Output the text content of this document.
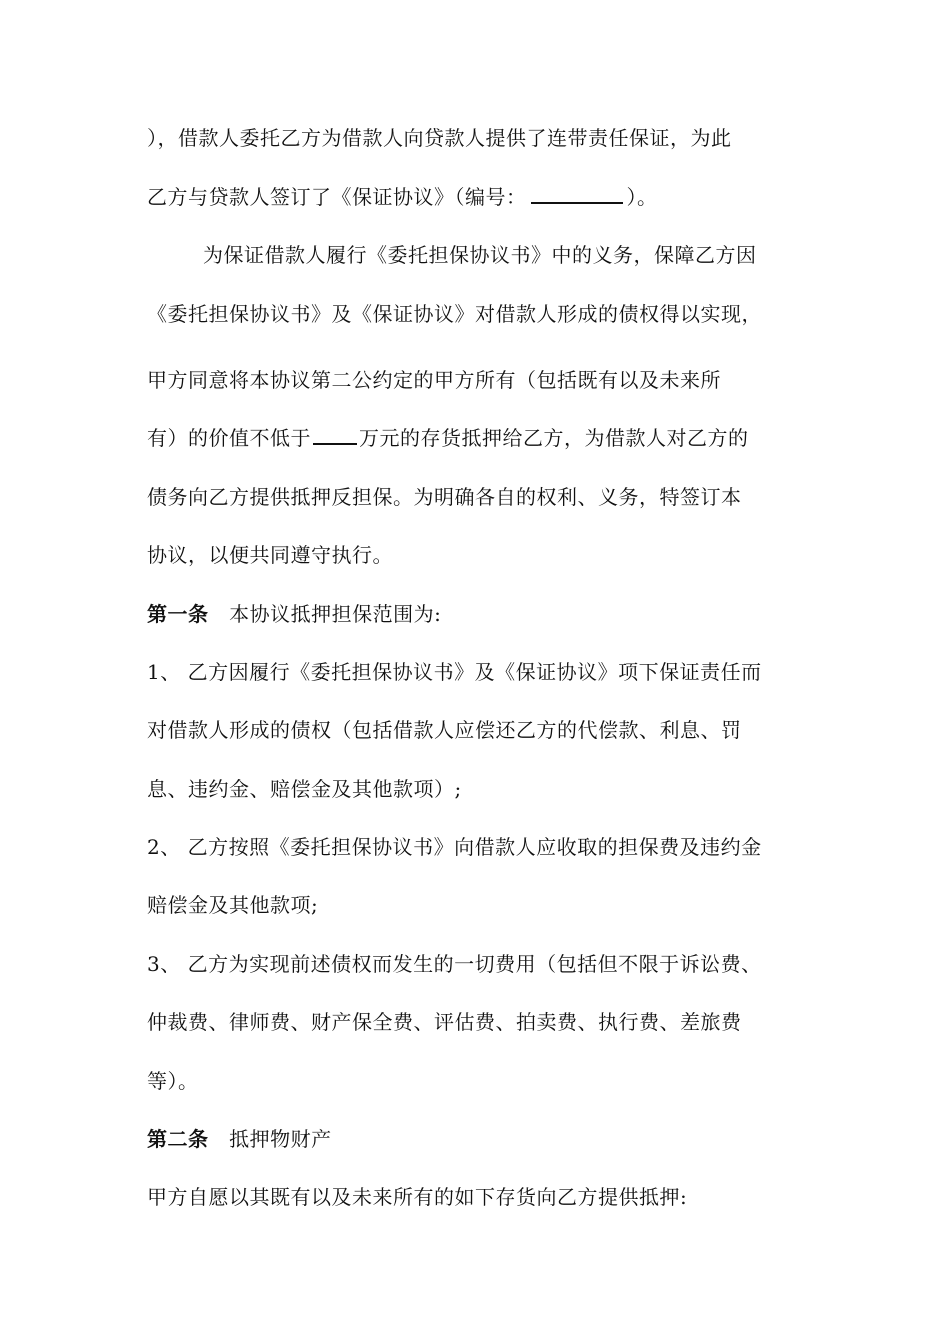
），借款人委托乙方为借款人向贷款人提供了连带责任保证，为此
乙方与贷款人签订了《保证协议》（编号：	）。
为保证借款人履行《委托担保协议书》中的义务，保障乙方因
《委托担保协议书》及《保证协议》对借款人形成的债权得以实现，
甲方同意将本协议第二公约定的甲方所有（包括既有以及未来所
有）的价值不低于 万元的存货抵押给乙方，为借款人对乙方的
债务向乙方提供抵押反担保。为明确各自的权利、义务，特签订本
协议，以便共同遵守执行。
第一条 本协议抵押担保范围为:
1、 乙方因履行《委托担保协议书》及《保证协议》项下保证责任而
对借款人形成的债权（包括借款人应偿还乙方的代偿款、利息、罚
息、违约金、赔偿金及其他款项）;
2、 乙方按照《委托担保协议书》向借款人应收取的担保费及违约金
赔偿金及其他款项;
3、 乙方为实现前述债权而发生的一切费用（包括但不限于诉讼费、
仲裁费、律师费、财产保全费、评估费、拍卖费、执行费、差旅费
等）。
第二条 抵押物财产
甲方自愿以其既有以及未来所有的如下存货向乙方提供抵押:
